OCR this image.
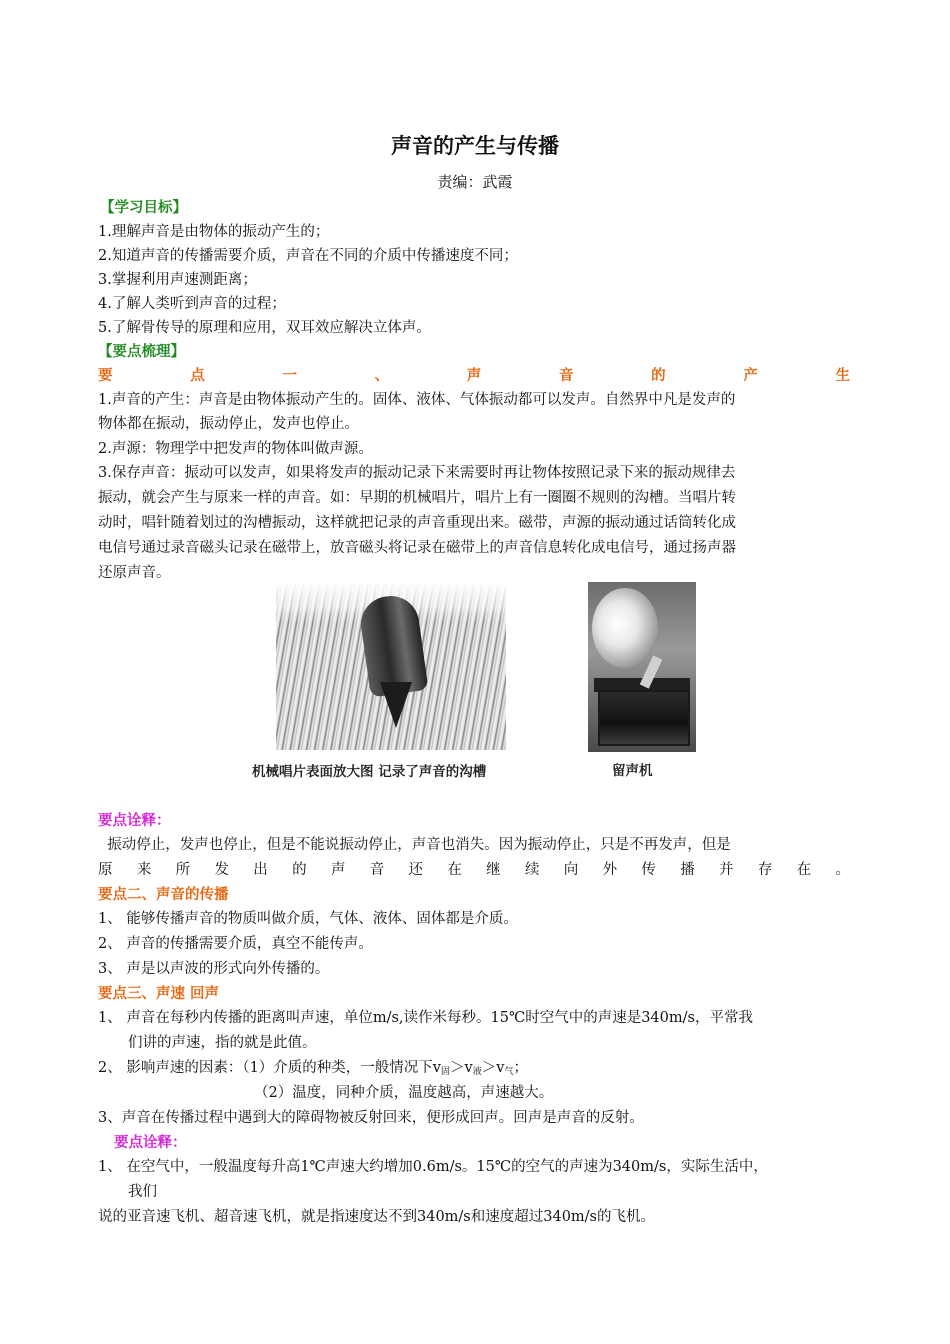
声音的产生与传播
责编：武霞
【学习目标】
1.理解声音是由物体的振动产生的；
2.知道声音的传播需要介质，声音在不同的介质中传播速度不同；
3.掌握利用声速测距离；
4.了解人类听到声音的过程；
5.了解骨传导的原理和应用，双耳效应解决立体声。
【要点梳理】
要	点	一	、	声	音	的	产	生
1.声音的产生：声音是由物体振动产生的。固体、液体、气体振动都可以发声。自然界中凡是发声的
物体都在振动，振动停止，发声也停止。
2.声源：物理学中把发声的物体叫做声源。
3.保存声音：振动可以发声，如果将发声的振动记录下来需要时再让物体按照记录下来的振动规律去
振动，就会产生与原来一样的声音。如：早期的机械唱片，唱片上有一圈圈不规则的沟槽。当唱片转
动时，唱针随着划过的沟槽振动，这样就把记录的声音重现出来。磁带，声源的振动通过话筒转化成
电信号通过录音磁头记录在磁带上，放音磁头将记录在磁带上的声音信息转化成电信号，通过扬声器
还原声音。
机械唱片表面放大图 记录了声音的沟槽	留声机
要点诠释：
振动停止，发声也停止，但是不能说振动停止，声音也消失。因为振动停止，只是不再发声，但是
原 来 所 发 出 的 声 音 还 在 继 续 向 外 传 播 并 存 在 。
要点二、声音的传播
1、 能够传播声音的物质叫做介质，气体、液体、固体都是介质。
2、 声音的传播需要介质，真空不能传声。
3、 声是以声波的形式向外传播的。
要点三、声速 回声
1、 声音在每秒内传播的距离叫声速，单位m/s,读作米每秒。15℃时空气中的声速是340m/s，平常我
们讲的声速，指的就是此值。
2、 影响声速的因素：（1）介质的种类，一般情况下$v_固>v_液>v_气$；
（2）温度，同种介质，温度越高，声速越大。
3、声音在传播过程中遇到大的障碍物被反射回来，便形成回声。回声是声音的反射。
要点诠释：
1、 在空气中，一般温度每升高1℃声速大约增加0.6m/s。15℃的空气的声速为340m/s，实际生活中，
我们
说的亚音速飞机、超音速飞机，就是指速度达不到340m/s和速度超过340m/s的飞机。
